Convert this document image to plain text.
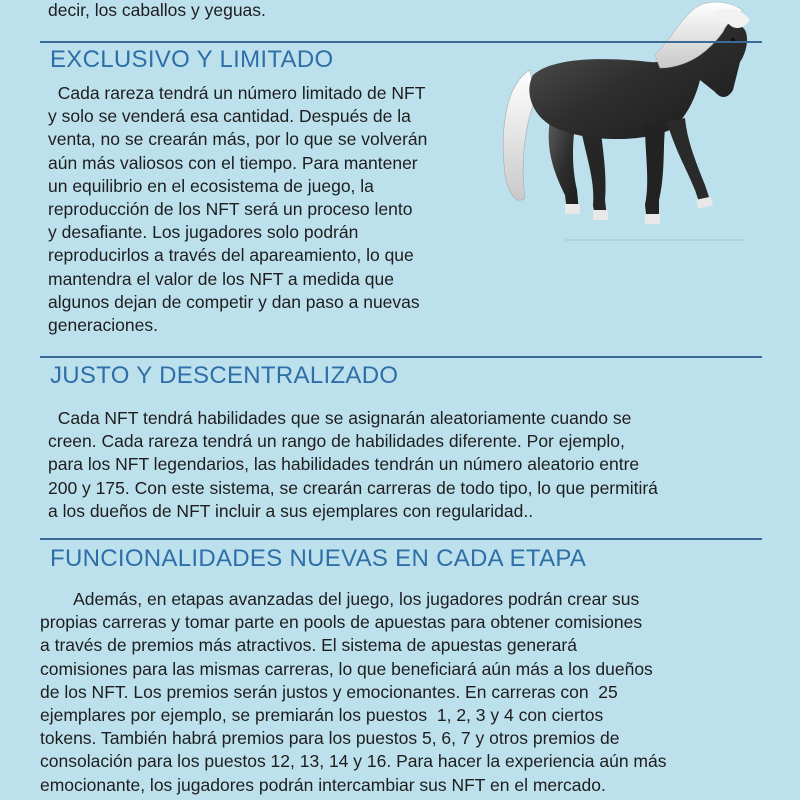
decir, los caballos y yeguas.

EXCLUSIVO Y LIMITADO
Cada rareza tendrá un número limitado de NFT
y solo se venderá esa cantidad. Después de la
venta, no se crearán más, por lo que se volverán
aún más valiosos con el tiempo. Para mantener
un equilibrio en el ecosistema de juego, la
reproducción de los NFT será un proceso lento
y desafiante. Los jugadores solo podrán
reproducirlos a través del apareamiento, lo que
mantendra el valor de los NFT a medida que
algunos dejan de competir y dan paso a nuevas
generaciones.
JUSTO Y DESCENTRALIZADO
Cada NFT tendrá habilidades que se asignarán aleatoriamente cuando se
creen. Cada rareza tendrá un rango de habilidades diferente. Por ejemplo,
para los NFT legendarios, las habilidades tendrán un número aleatorio entre
200 y 175. Con este sistema, se crearán carreras de todo tipo, lo que permitirá
a los dueños de NFT incluir a sus ejemplares con regularidad..
FUNCIONALIDADES NUEVAS EN CADA ETAPA
Además, en etapas avanzadas del juego, los jugadores podrán crear sus
propias carreras y tomar parte en pools de apuestas para obtener comisiones
a través de premios más atractivos. El sistema de apuestas generará
comisiones para las mismas carreras, lo que beneficiará aún más a los dueños
de los NFT. Los premios serán justos y emocionantes. En carreras con  25
ejemplares por ejemplo, se premiarán los puestos  1, 2, 3 y 4 con ciertos
tokens. También habrá premios para los puestos 5, 6, 7 y otros premios de
consolación para los puestos 12, 13, 14 y 16. Para hacer la experiencia aún más
emocionante, los jugadores podrán intercambiar sus NFT en el mercado.
